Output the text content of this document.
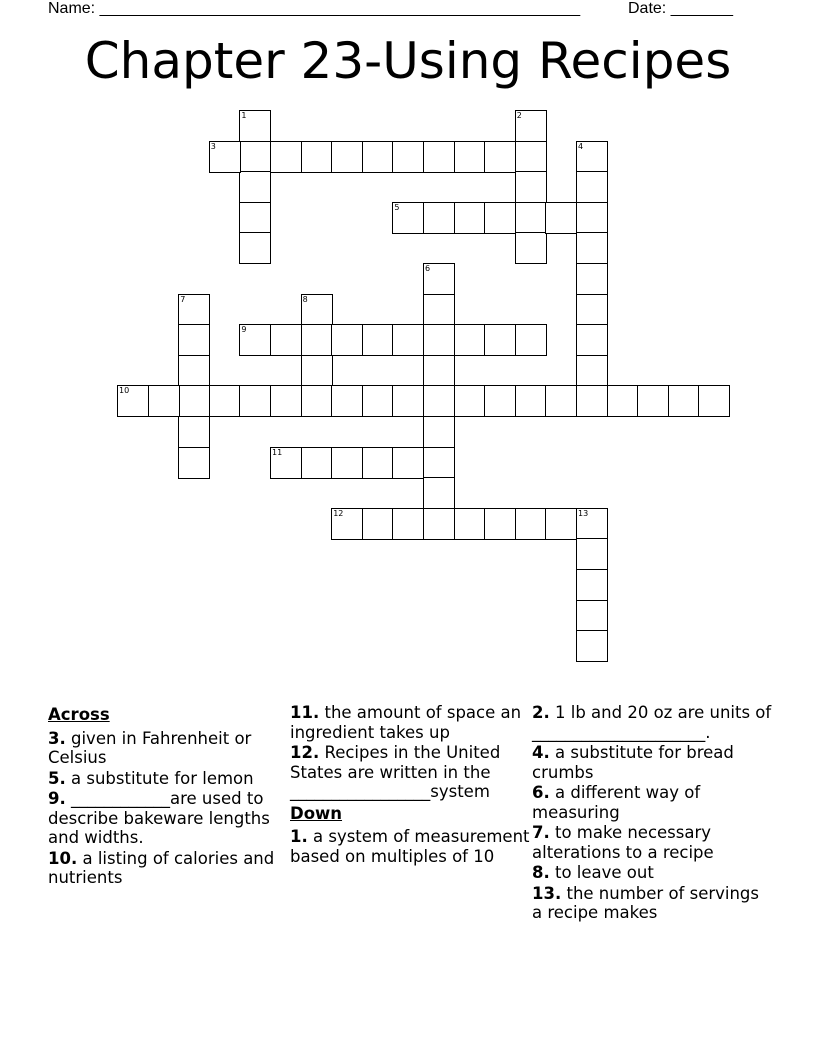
Name: ______________________________________________________	Date: _______
Chapter 23-Using Recipes
1
3
2
4
5
6
7	8
9
10
11
12	13
Across
3. given in Fahrenheit or Celsius
5. a substitute for lemon
9. ____________are used to describe bakeware lengths and widths.
10. a listing of calories and nutrients
11. the amount of space an ingredient takes up
12. Recipes in the United States are written in the _________________system
Down
1. a system of measurement based on multiples of 10
2. 1 lb and 20 oz are units of _____________________.
4. a substitute for bread crumbs
6. a different way of measuring
7. to make necessary alterations to a recipe
8. to leave out
13. the number of servings a recipe makes
